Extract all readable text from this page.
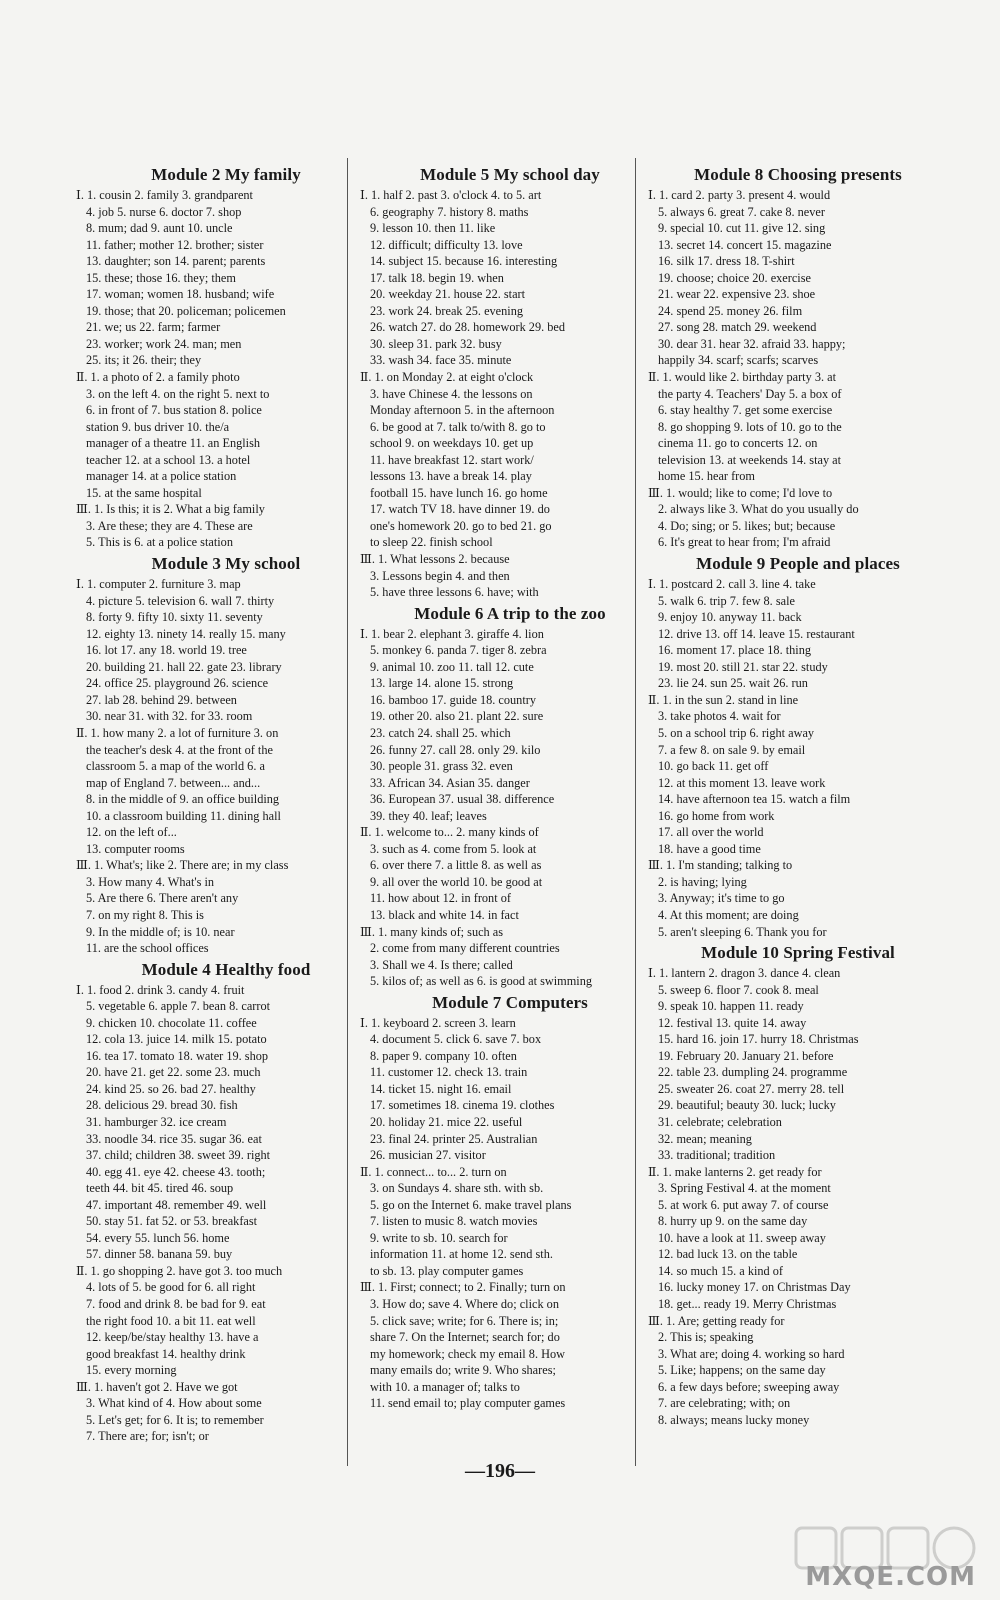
Module 2 My family
Ⅰ. 1. cousin 2. family 3. grandparent
4. job 5. nurse 6. doctor 7. shop
8. mum; dad 9. aunt 10. uncle
11. father; mother 12. brother; sister
13. daughter; son 14. parent; parents
15. these; those 16. they; them
17. woman; women 18. husband; wife
19. those; that 20. policeman; policemen
21. we; us 22. farm; farmer
23. worker; work 24. man; men
25. its; it 26. their; they
Ⅱ. 1. a photo of 2. a family photo
3. on the left 4. on the right 5. next to
6. in front of 7. bus station 8. police
station 9. bus driver 10. the/a
manager of a theatre 11. an English
teacher 12. at a school 13. a hotel
manager 14. at a police station
15. at the same hospital
Ⅲ. 1. Is this; it is 2. What a big family
3. Are these; they are 4. These are
5. This is 6. at a police station
Module 3 My school
Ⅰ. 1. computer 2. furniture 3. map
4. picture 5. television 6. wall 7. thirty
8. forty 9. fifty 10. sixty 11. seventy
12. eighty 13. ninety 14. really 15. many
16. lot 17. any 18. world 19. tree
20. building 21. hall 22. gate 23. library
24. office 25. playground 26. science
27. lab 28. behind 29. between
30. near 31. with 32. for 33. room
Ⅱ. 1. how many 2. a lot of furniture 3. on
the teacher's desk 4. at the front of the
classroom 5. a map of the world 6. a
map of England 7. between... and...
8. in the middle of 9. an office building
10. a classroom building 11. dining hall
12. on the left of...
13. computer rooms
Ⅲ. 1. What's; like 2. There are; in my class
3. How many 4. What's in
5. Are there 6. There aren't any
7. on my right 8. This is
9. In the middle of; is 10. near
11. are the school offices
Module 4 Healthy food
Ⅰ. 1. food 2. drink 3. candy 4. fruit
5. vegetable 6. apple 7. bean 8. carrot
9. chicken 10. chocolate 11. coffee
12. cola 13. juice 14. milk 15. potato
16. tea 17. tomato 18. water 19. shop
20. have 21. get 22. some 23. much
24. kind 25. so 26. bad 27. healthy
28. delicious 29. bread 30. fish
31. hamburger 32. ice cream
33. noodle 34. rice 35. sugar 36. eat
37. child; children 38. sweet 39. right
40. egg 41. eye 42. cheese 43. tooth;
teeth 44. bit 45. tired 46. soup
47. important 48. remember 49. well
50. stay 51. fat 52. or 53. breakfast
54. every 55. lunch 56. home
57. dinner 58. banana 59. buy
Ⅱ. 1. go shopping 2. have got 3. too much
4. lots of 5. be good for 6. all right
7. food and drink 8. be bad for 9. eat
the right food 10. a bit 11. eat well
12. keep/be/stay healthy 13. have a
good breakfast 14. healthy drink
15. every morning
Ⅲ. 1. haven't got 2. Have we got
3. What kind of 4. How about some
5. Let's get; for 6. It is; to remember
7. There are; for; isn't; or
Module 5 My school day
Ⅰ. 1. half 2. past 3. o'clock 4. to 5. art
6. geography 7. history 8. maths
9. lesson 10. then 11. like
12. difficult; difficulty 13. love
14. subject 15. because 16. interesting
17. talk 18. begin 19. when
20. weekday 21. house 22. start
23. work 24. break 25. evening
26. watch 27. do 28. homework 29. bed
30. sleep 31. park 32. busy
33. wash 34. face 35. minute
Ⅱ. 1. on Monday 2. at eight o'clock
3. have Chinese 4. the lessons on
Monday afternoon 5. in the afternoon
6. be good at 7. talk to/with 8. go to
school 9. on weekdays 10. get up
11. have breakfast 12. start work/
lessons 13. have a break 14. play
football 15. have lunch 16. go home
17. watch TV 18. have dinner 19. do
one's homework 20. go to bed 21. go
to sleep 22. finish school
Ⅲ. 1. What lessons 2. because
3. Lessons begin 4. and then
5. have three lessons 6. have; with
Module 6 A trip to the zoo
Ⅰ. 1. bear 2. elephant 3. giraffe 4. lion
5. monkey 6. panda 7. tiger 8. zebra
9. animal 10. zoo 11. tall 12. cute
13. large 14. alone 15. strong
16. bamboo 17. guide 18. country
19. other 20. also 21. plant 22. sure
23. catch 24. shall 25. which
26. funny 27. call 28. only 29. kilo
30. people 31. grass 32. even
33. African 34. Asian 35. danger
36. European 37. usual 38. difference
39. they 40. leaf; leaves
Ⅱ. 1. welcome to... 2. many kinds of
3. such as 4. come from 5. look at
6. over there 7. a little 8. as well as
9. all over the world 10. be good at
11. how about 12. in front of
13. black and white 14. in fact
Ⅲ. 1. many kinds of; such as
2. come from many different countries
3. Shall we 4. Is there; called
5. kilos of; as well as 6. is good at swimming
Module 7 Computers
Ⅰ. 1. keyboard 2. screen 3. learn
4. document 5. click 6. save 7. box
8. paper 9. company 10. often
11. customer 12. check 13. train
14. ticket 15. night 16. email
17. sometimes 18. cinema 19. clothes
20. holiday 21. mice 22. useful
23. final 24. printer 25. Australian
26. musician 27. visitor
Ⅱ. 1. connect... to... 2. turn on
3. on Sundays 4. share sth. with sb.
5. go on the Internet 6. make travel plans
7. listen to music 8. watch movies
9. write to sb. 10. search for
information 11. at home 12. send sth.
to sb. 13. play computer games
Ⅲ. 1. First; connect; to 2. Finally; turn on
3. How do; save 4. Where do; click on
5. click save; write; for 6. There is; in;
share 7. On the Internet; search for; do
my homework; check my email 8. How
many emails do; write 9. Who shares;
with 10. a manager of; talks to
11. send email to; play computer games
Module 8 Choosing presents
Ⅰ. 1. card 2. party 3. present 4. would
5. always 6. great 7. cake 8. never
9. special 10. cut 11. give 12. sing
13. secret 14. concert 15. magazine
16. silk 17. dress 18. T-shirt
19. choose; choice 20. exercise
21. wear 22. expensive 23. shoe
24. spend 25. money 26. film
27. song 28. match 29. weekend
30. dear 31. hear 32. afraid 33. happy;
happily 34. scarf; scarfs; scarves
Ⅱ. 1. would like 2. birthday party 3. at
the party 4. Teachers' Day 5. a box of
6. stay healthy 7. get some exercise
8. go shopping 9. lots of 10. go to the
cinema 11. go to concerts 12. on
television 13. at weekends 14. stay at
home 15. hear from
Ⅲ. 1. would; like to come; I'd love to
2. always like 3. What do you usually do
4. Do; sing; or 5. likes; but; because
6. It's great to hear from; I'm afraid
Module 9 People and places
Ⅰ. 1. postcard 2. call 3. line 4. take
5. walk 6. trip 7. few 8. sale
9. enjoy 10. anyway 11. back
12. drive 13. off 14. leave 15. restaurant
16. moment 17. place 18. thing
19. most 20. still 21. star 22. study
23. lie 24. sun 25. wait 26. run
Ⅱ. 1. in the sun 2. stand in line
3. take photos 4. wait for
5. on a school trip 6. right away
7. a few 8. on sale 9. by email
10. go back 11. get off
12. at this moment 13. leave work
14. have afternoon tea 15. watch a film
16. go home from work
17. all over the world
18. have a good time
Ⅲ. 1. I'm standing; talking to
2. is having; lying
3. Anyway; it's time to go
4. At this moment; are doing
5. aren't sleeping 6. Thank you for
Module 10 Spring Festival
Ⅰ. 1. lantern 2. dragon 3. dance 4. clean
5. sweep 6. floor 7. cook 8. meal
9. speak 10. happen 11. ready
12. festival 13. quite 14. away
15. hard 16. join 17. hurry 18. Christmas
19. February 20. January 21. before
22. table 23. dumpling 24. programme
25. sweater 26. coat 27. merry 28. tell
29. beautiful; beauty 30. luck; lucky
31. celebrate; celebration
32. mean; meaning
33. traditional; tradition
Ⅱ. 1. make lanterns 2. get ready for
3. Spring Festival 4. at the moment
5. at work 6. put away 7. of course
8. hurry up 9. on the same day
10. have a look at 11. sweep away
12. bad luck 13. on the table
14. so much 15. a kind of
16. lucky money 17. on Christmas Day
18. get... ready 19. Merry Christmas
Ⅲ. 1. Are; getting ready for
2. This is; speaking
3. What are; doing 4. working so hard
5. Like; happens; on the same day
6. a few days before; sweeping away
7. are celebrating; with; on
8. always; means lucky money
—196—
MXQE.COM
